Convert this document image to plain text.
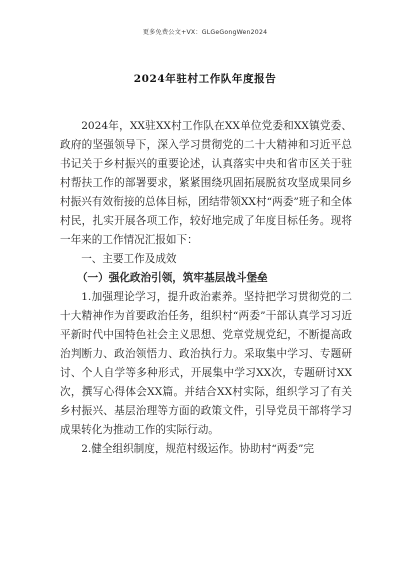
更多免费公文+VX：GLGeGongWen2024
2024年驻村工作队年度报告

2024年，XX驻XX村工作队在XX单位党委和XX镇党委、政府的坚强领导下，深入学习贯彻党的二十大精神和习近平总书记关于乡村振兴的重要论述，认真落实中央和省市区关于驻村帮扶工作的部署要求，紧紧围绕巩固拓展脱贫攻坚成果同乡村振兴有效衔接的总体目标，团结带领XX村“两委”班子和全体村民，扎实开展各项工作，较好地完成了年度目标任务。现将一年来的工作情况汇报如下：

一、主要工作及成效

（一）强化政治引领，筑牢基层战斗堡垒

1.加强理论学习，提升政治素养。坚持把学习贯彻党的二十大精神作为首要政治任务，组织村“两委”干部认真学习习近平新时代中国特色社会主义思想、党章党规党纪，不断提高政治判断力、政治领悟力、政治执行力。采取集中学习、专题研讨、个人自学等多种形式，开展集中学习XX次，专题研讨XX次，撰写心得体会XX篇。并结合XX村实际，组织学习了有关乡村振兴、基层治理等方面的政策文件，引导党员干部将学习成果转化为推动工作的实际行动。

2.健全组织制度，规范村级运作。协助村“两委”完
